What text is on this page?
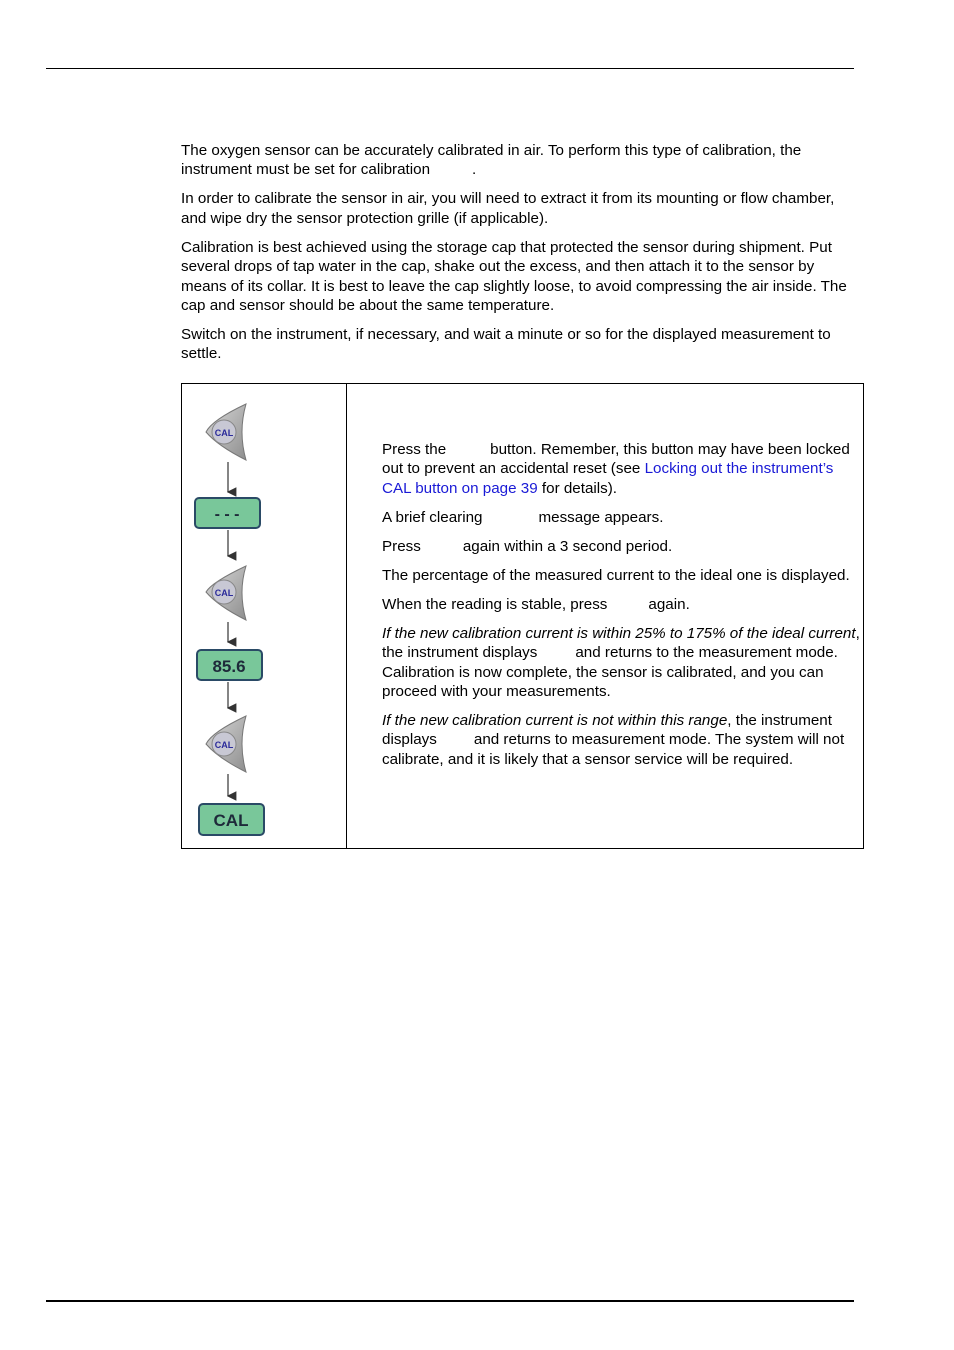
The oxygen sensor can be accurately calibrated in air. To perform this type of calibration, the instrument must be set for calibration	.

In order to calibrate the sensor in air, you will need to extract it from its mounting or flow chamber, and wipe dry the sensor protection grille (if applicable).

Calibration is best achieved using the storage cap that protected the sensor during shipment. Put several drops of tap water in the cap, shake out the excess, and then attach it to the sensor by means of its collar. It is best to leave the cap slightly loose, to avoid compressing the air inside. The cap and sensor should be about the same temperature.

Switch on the instrument, if necessary, and wait a minute or so for the displayed measurement to settle.

CAL
- - -
CAL
85.6
CAL
CAL

Press the	button. Remember, this button may have been locked out to prevent an accidental reset (see Locking out the instrument’s CAL button on page 39 for details).

A brief clearing	message appears.

Press	again within a 3 second period.

The percentage of the measured current to the ideal one is displayed.

When the reading is stable, press	again.

If the new calibration current is within 25% to 175% of the ideal current, the instrument displays	and returns to the measurement mode. Calibration is now complete, the sensor is calibrated, and you can proceed with your measurements.

If the new calibration current is not within this range, the instrument displays and returns to measurement mode. The system will not calibrate, and it is likely that a sensor service will be required.
